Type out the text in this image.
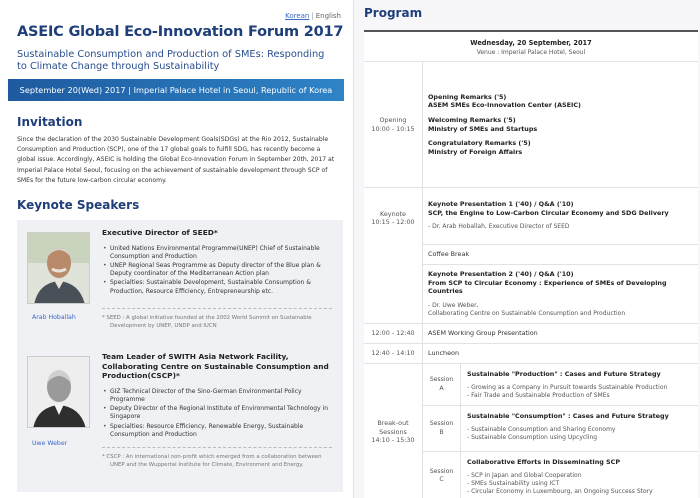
Korean | English
ASEIC Global Eco-Innovation Forum 2017
Sustainable Consumption and Production of SMEs: Responding to Climate Change through Sustainability
September 20(Wed) 2017 | Imperial Palace Hotel in Seoul, Republic of Korea
Invitation
Since the declaration of the 2030 Sustainable Development Goals(SDGs) at the Rio 2012, Sustainable Consumption and Production (SCP), one of the 17 global goals to fulfill SDG, has recently become a global issue. Accordingly, ASEIC is holding the Global Eco-Innovation Forum in September 20th, 2017 at Imperial Palace Hotel Seoul, focusing on the achievement of sustainable development through SCP of SMEs for the future low-carbon circular economy.
Keynote Speakers
Arab Hoballah
Executive Director of SEED*
• United Nations Environmental Programme(UNEP) Chief of Sustainable Consumption and Production
• UNEP Regional Seas Programme as Deputy director of the Blue plan & Deputy coordinator of the Mediterranean Action plan
• Specialties: Sustainable Development, Sustainable Consumption & Production, Resource Efficiency, Entrepreneurship etc.
* SEED : A global initiative founded at the 2002 World Summit on Sustainable Development by UNEP, UNDP and IUCN
Uwe Weber
Team Leader of SWITH Asia Network Facility, Collaborating Centre on Sustainable Consumption and Production(CSCP)*
• GIZ Technical Director of the Sino-German Environmental Policy Programme
• Deputy Director of the Regional Institute of Environmental Technology in Singapore
• Specialties: Resource Efficiency, Renewable Energy, Sustainable Consumption and Production
* CSCP : An international non-profit which emerged from a collaboration between UNEP and the Wuppertal Institute for Climate, Environment and Energy.
Program
Wednesday, 20 September, 2017
Venue : Imperial Palace Hotel, Seoul
Opening
10:00 - 10:15
Opening Remarks ('5)
ASEM SMEs Eco-Innovation Center (ASEIC)
Welcoming Remarks ('5)
Ministry of SMEs and Startups
Congratulatory Remarks ('5)
Ministry of Foreign Affairs
Keynote
10:15 - 12:00
Keynote Presentation 1 ('40) / Q&A ('10)
SCP, the Engine to Low-Carbon Circular Economy and SDG Delivery
- Dr. Arab Hoballah, Executive Director of SEED
Coffee Break
Keynote Presentation 2 ('40) / Q&A ('10)
From SCP to Circular Economy : Experience of SMEs of Developing Countries
- Dr. Uwe Weber,
Collaborating Centre on Sustainable Consumption and Production
12:00 - 12:40	ASEM Working Group Presentation
12:40 - 14:10	Luncheon
Break-out
Sessions
14:10 - 15:30
Session
A
Sustainable "Production" : Cases and Future Strategy
- Growing as a Company in Pursuit towards Sustainable Production
- Fair Trade and Sustainable Production of SMEs
Session
B
Sustainable "Consumption" : Cases and Future Strategy
- Sustainable Consumption and Sharing Economy
- Sustainable Consumption using Upcycling
Session
C
Collaborative Efforts in Disseminating SCP
- SCP in Japan and Global Cooperation
- SMEs Sustainability using ICT
- Circular Economy in Luxembourg, an Ongoing Success Story
